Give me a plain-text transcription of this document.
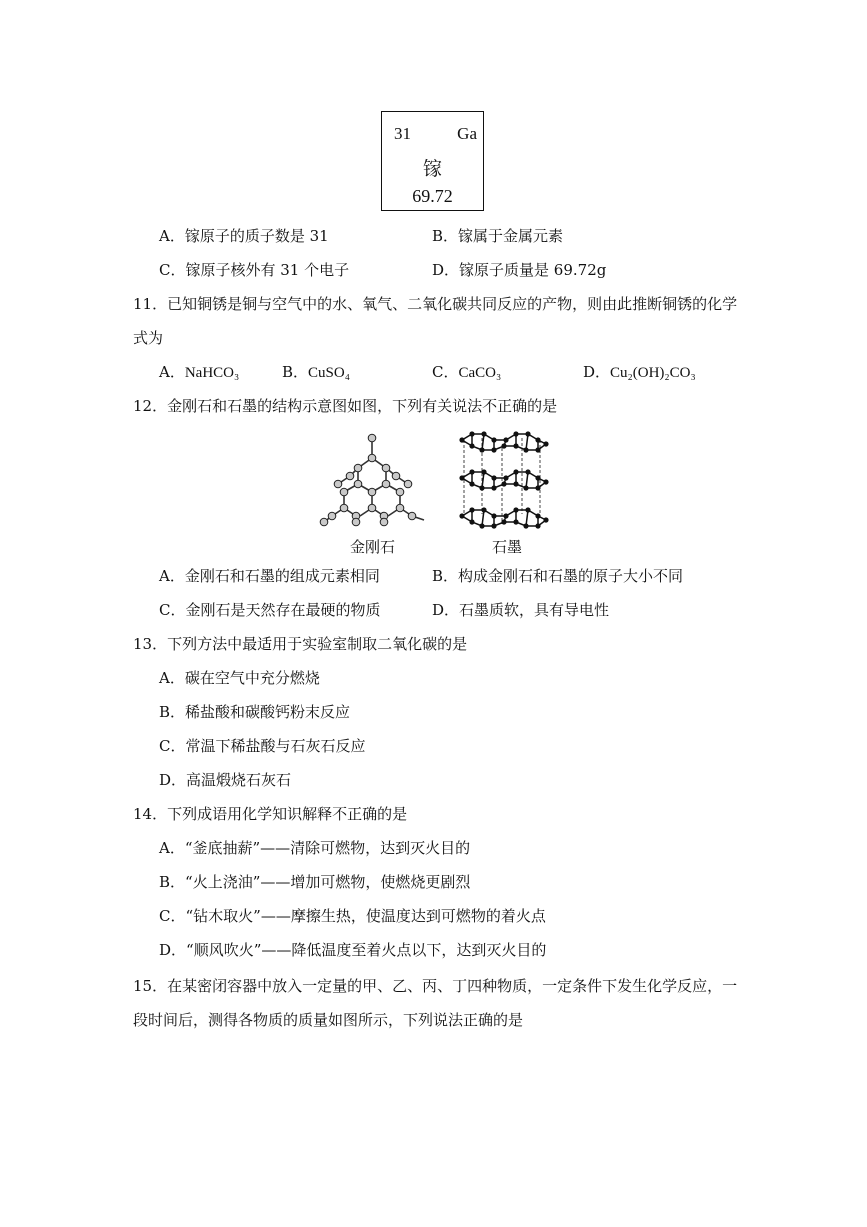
31	Ga
镓
69.72
A．镓原子的质子数是 31	B．镓属于金属元素
C．镓原子核外有 31 个电子	D．镓原子质量是 69.72g
11．已知铜锈是铜与空气中的水、氧气、二氧化碳共同反应的产物，则由此推断铜锈的化学
式为
A．NaHCO₃	B．CuSO₄	C．CaCO₃	D．Cu₂(OH)₂CO₃
12．金刚石和石墨的结构示意图如图，下列有关说法不正确的是
金刚石	石墨
A．金刚石和石墨的组成元素相同	B．构成金刚石和石墨的原子大小不同
C．金刚石是天然存在最硬的物质	D．石墨质软，具有导电性
13．下列方法中最适用于实验室制取二氧化碳的是
A．碳在空气中充分燃烧
B．稀盐酸和碳酸钙粉末反应
C．常温下稀盐酸与石灰石反应
D．高温煅烧石灰石
14．下列成语用化学知识解释不正确的是
A．“釜底抽薪”——清除可燃物，达到灭火目的
B．“火上浇油”——增加可燃物，使燃烧更剧烈
C．“钻木取火”——摩擦生热，使温度达到可燃物的着火点
D．“顺风吹火”——降低温度至着火点以下，达到灭火目的
15．在某密闭容器中放入一定量的甲、乙、丙、丁四种物质，一定条件下发生化学反应，一
段时间后，测得各物质的质量如图所示，下列说法正确的是
